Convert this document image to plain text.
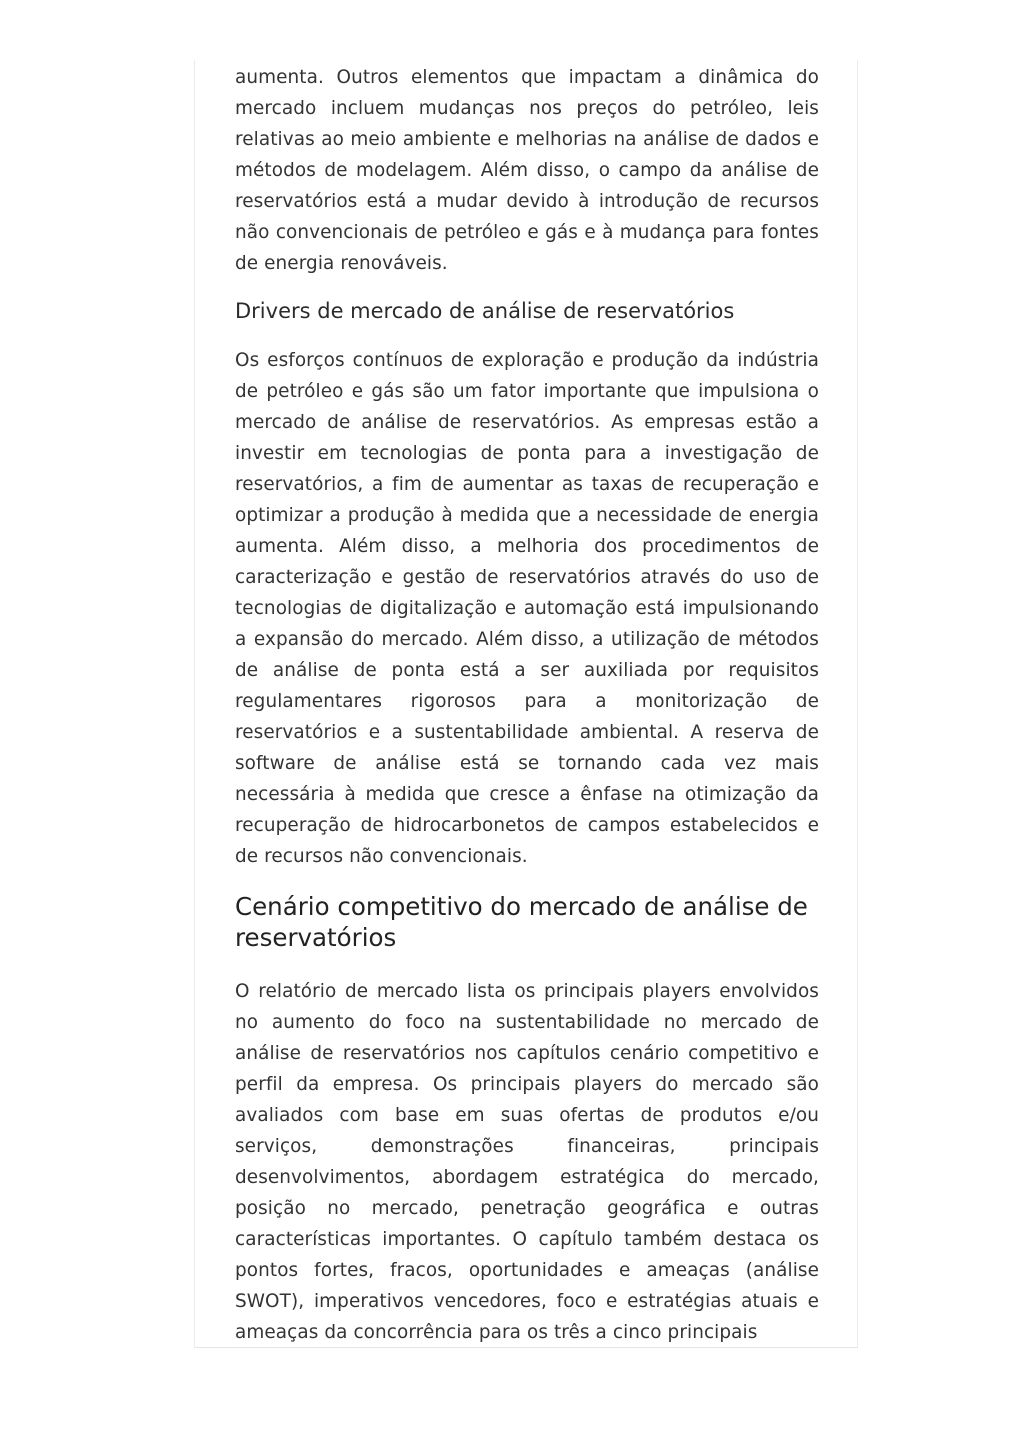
aumenta. Outros elementos que impactam a dinâmica do mercado incluem mudanças nos preços do petróleo, leis relativas ao meio ambiente e melhorias na análise de dados e métodos de modelagem. Além disso, o campo da análise de reservatórios está a mudar devido à introdução de recursos não convencionais de petróleo e gás e à mudança para fontes de energia renováveis.

Drivers de mercado de análise de reservatórios

Os esforços contínuos de exploração e produção da indústria de petróleo e gás são um fator importante que impulsiona o mercado de análise de reservatórios. As empresas estão a investir em tecnologias de ponta para a investigação de reservatórios, a fim de aumentar as taxas de recuperação e optimizar a produção à medida que a necessidade de energia aumenta. Além disso, a melhoria dos procedimentos de caracterização e gestão de reservatórios através do uso de tecnologias de digitalização e automação está impulsionando a expansão do mercado. Além disso, a utilização de métodos de análise de ponta está a ser auxiliada por requisitos regulamentares rigorosos para a monitorização de reservatórios e a sustentabilidade ambiental. A reserva de software de análise está se tornando cada vez mais necessária à medida que cresce a ênfase na otimização da recuperação de hidrocarbonetos de campos estabelecidos e de recursos não convencionais.

Cenário competitivo do mercado de análise de reservatórios

O relatório de mercado lista os principais players envolvidos no aumento do foco na sustentabilidade no mercado de análise de reservatórios nos capítulos cenário competitivo e perfil da empresa. Os principais players do mercado são avaliados com base em suas ofertas de produtos e/ou serviços, demonstrações financeiras, principais desenvolvimentos, abordagem estratégica do mercado, posição no mercado, penetração geográfica e outras características importantes. O capítulo também destaca os pontos fortes, fracos, oportunidades e ameaças (análise SWOT), imperativos vencedores, foco e estratégias atuais e ameaças da concorrência para os três a cinco principais
